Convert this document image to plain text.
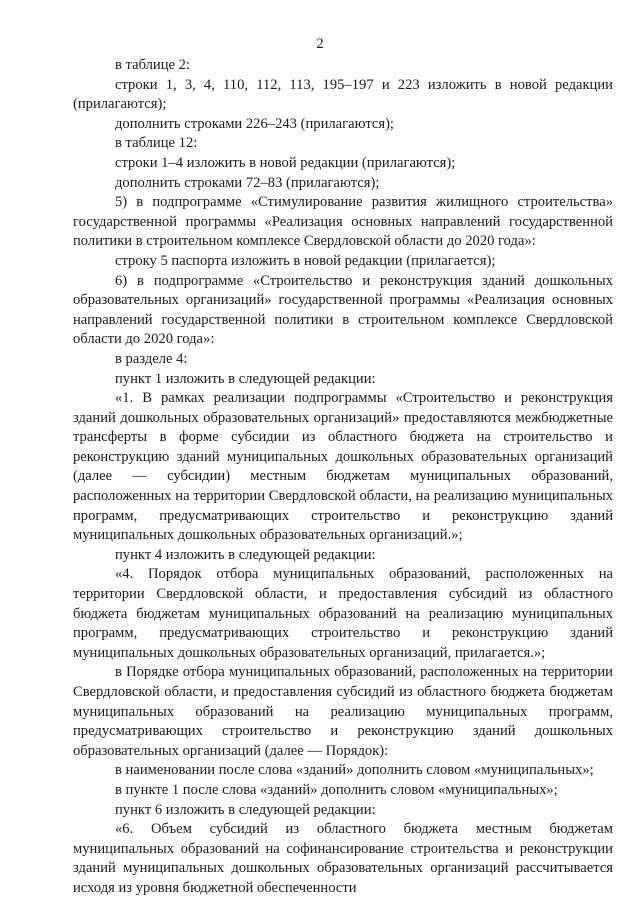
2

в таблице 2:

строки 1, 3, 4, 110, 112, 113, 195–197 и 223 изложить в новой редакции (прилагаются);

дополнить строками 226–243 (прилагаются);

в таблице 12:

строки 1–4 изложить в новой редакции (прилагаются);

дополнить строками 72–83 (прилагаются);

5) в подпрограмме «Стимулирование развития жилищного строительства» государственной программы «Реализация основных направлений государственной политики в строительном комплексе Свердловской области до 2020 года»:

строку 5 паспорта изложить в новой редакции (прилагается);

6) в подпрограмме «Строительство и реконструкция зданий дошкольных образовательных организаций» государственной программы «Реализация основных направлений государственной политики в строительном комплексе Свердловской области до 2020 года»:

в разделе 4:

пункт 1 изложить в следующей редакции:

«1. В рамках реализации подпрограммы «Строительство и реконструкция зданий дошкольных образовательных организаций» предоставляются межбюджетные трансферты в форме субсидии из областного бюджета на строительство и реконструкцию зданий муниципальных дошкольных образовательных организаций (далее — субсидии) местным бюджетам муниципальных образований, расположенных на территории Свердловской области, на реализацию муниципальных программ, предусматривающих строительство и реконструкцию зданий муниципальных дошкольных образовательных организаций.»;

пункт 4 изложить в следующей редакции:

«4. Порядок отбора муниципальных образований, расположенных на территории Свердловской области, и предоставления субсидий из областного бюджета бюджетам муниципальных образований на реализацию муниципальных программ, предусматривающих строительство и реконструкцию зданий муниципальных дошкольных образовательных организаций, прилагается.»;

в Порядке отбора муниципальных образований, расположенных на территории Свердловской области, и предоставления субсидий из областного бюджета бюджетам муниципальных образований на реализацию муниципальных программ, предусматривающих строительство и реконструкцию зданий дошкольных образовательных организаций (далее — Порядок):

в наименовании после слова «зданий» дополнить словом «муниципальных»;

в пункте 1 после слова «зданий» дополнить словом «муниципальных»;

пункт 6 изложить в следующей редакции:

«6. Объем субсидий из областного бюджета местным бюджетам муниципальных образований на софинансирование строительства и реконструкции зданий муниципальных дошкольных образовательных организаций рассчитывается исходя из уровня бюджетной обеспеченности
